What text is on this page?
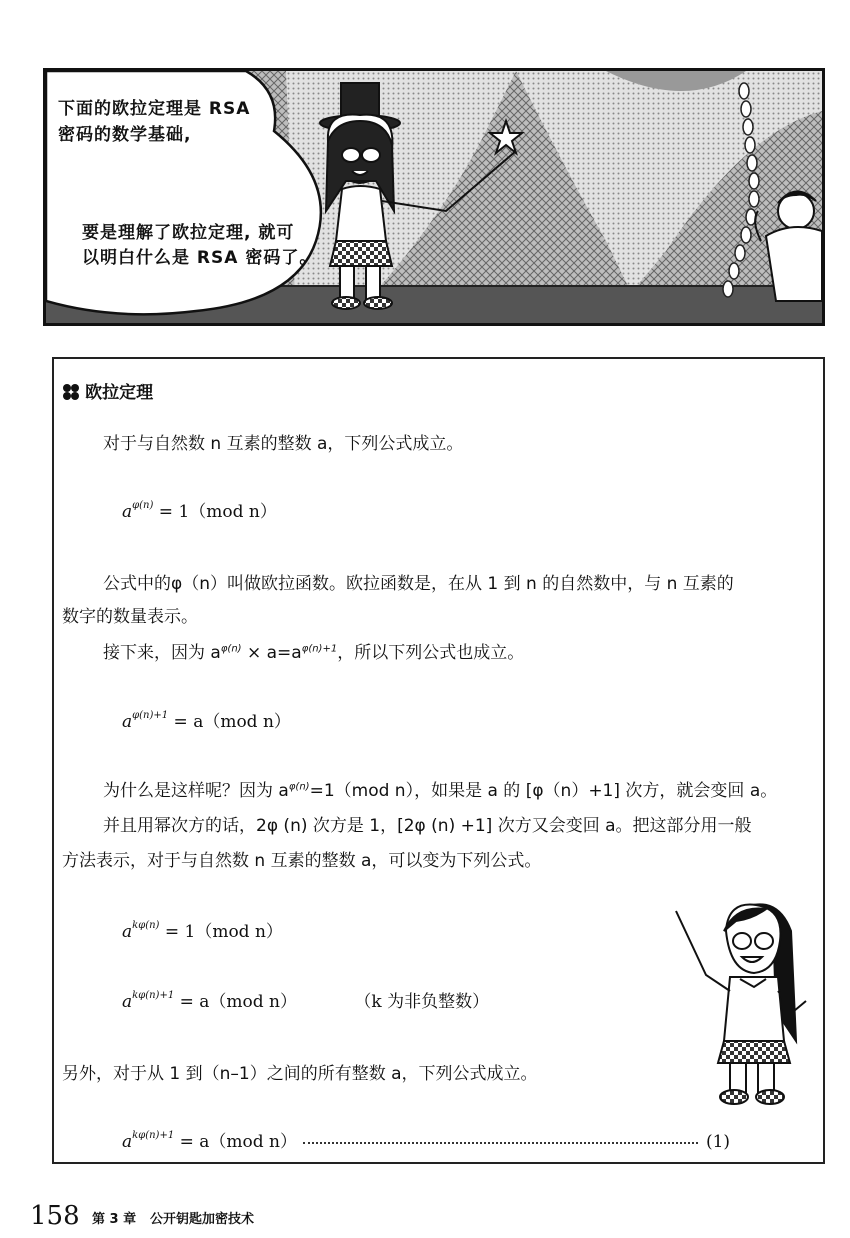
下面的欧拉定理是 RSA
密码的数学基础,
要是理解了欧拉定理, 就可
以明白什么是 RSA 密码了。
欧拉定理
对于与自然数 n 互素的整数 a，下列公式成立。
$a^{\varphi(n)} = 1(mod$ n）
公式中的φ（n）叫做欧拉函数。欧拉函数是，在从 1 到 n 的自然数中，与 n 互素的
数字的数量表示。
接下来，因为 $a^{\varphi(n)} \times a=a^{\varphi(n)+1}$，所以下列公式也成立。
$a^{\varphi(n)+1} = a(mod$ n）
为什么是这样呢？因为 $a^{\varphi(n)}=1(mod$ n），如果是 a 的 [φ（n）+1] 次方，就会变回 a。
并且用幂次方的话，2φ (n) 次方是 1，[2φ (n) +1] 次方又会变回 a。把这部分用一般
方法表示，对于与自然数 n 互素的整数 a，可以变为下列公式。
$a^{k\varphi(n)} = 1(mod$ n）
$a^{k\varphi(n)+1} = a(mod$ n）	（k 为非负整数）
另外，对于从 1 到（n–1）之间的所有整数 a，下列公式成立。
$a^{k\varphi(n)+1} = a(mod$ n）	(1)
158 第 3 章 公开钥匙加密技术
